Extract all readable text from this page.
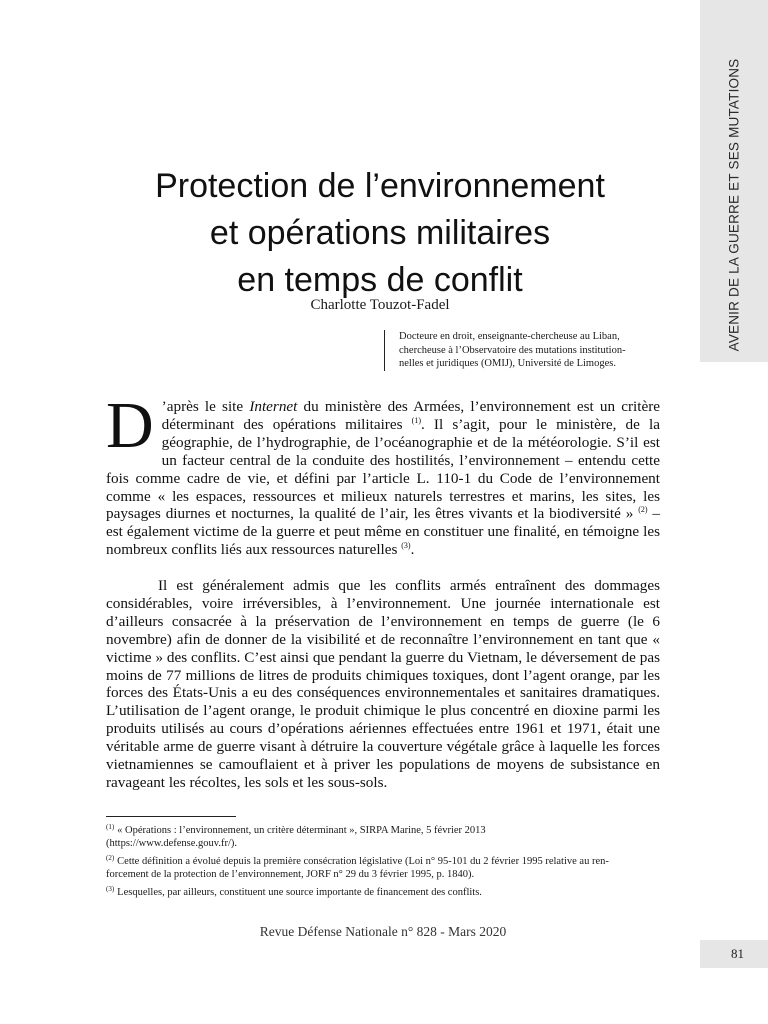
AVENIR DE LA GUERRE ET SES MUTATIONS
Protection de l’environnement
et opérations militaires
en temps de conflit
Charlotte Touzot-Fadel
Docteure en droit, enseignante-chercheuse au Liban,
chercheuse à l’Observatoire des mutations institution-
nelles et juridiques (OMIJ), Université de Limoges.

D ’après le site Internet du ministère des Armées, l’environnement est un critère déterminant des opérations militaires $^{(1)}$. Il s’agit, pour le ministère, de la géographie, de l’hydrographie, de l’océanographie et de la météorologie. S’il est un facteur central de la conduite des hostilités, l’environnement – entendu cette fois comme cadre de vie, et défini par l’article L. 110-1 du Code de l’environnement comme « les espaces, ressources et milieux naturels terrestres et marins, les sites, les paysages diurnes et nocturnes, la qualité de l’air, les êtres vivants et la biodiversité » $^{(2)}$ – est également victime de la guerre et peut même en constituer une finalité, en témoigne les nombreux conflits liés aux ressources naturelles $^{(3)}$.

Il est généralement admis que les conflits armés entraînent des dommages considérables, voire irréversibles, à l’environnement. Une journée internationale est d’ailleurs consacrée à la préservation de l’environnement en temps de guerre (le 6 novembre) afin de donner de la visibilité et de reconnaître l’environnement en tant que « victime » des conflits. C’est ainsi que pendant la guerre du Vietnam, le déversement de pas moins de 77 millions de litres de produits chimiques toxiques, dont l’agent orange, par les forces des États-Unis a eu des conséquences environnementales et sanitaires dramatiques. L’utilisation de l’agent orange, le produit chimique le plus concentré en dioxine parmi les produits utilisés au cours d’opérations aériennes effectuées entre 1961 et 1971, était une véritable arme de guerre visant à détruire la couverture végétale grâce à laquelle les forces vietnamiennes se camouflaient et à priver les populations de moyens de subsistance en ravageant les récoltes, les sols et les sous-sols.

$^{(1)}$ « Opérations : l’environnement, un critère déterminant », SIRPA Marine, 5 février 2013
(https://www.defense.gouv.fr/).
$^{(2)}$ Cette définition a évolué depuis la première consécration législative (Loi n° 95-101 du 2 février 1995 relative au ren-
forcement de la protection de l’environnement, JORF n° 29 du 3 février 1995, p. 1840).
$^{(3)}$ Lesquelles, par ailleurs, constituent une source importante de financement des conflits.
Revue Défense Nationale n° 828 - Mars 2020
81
